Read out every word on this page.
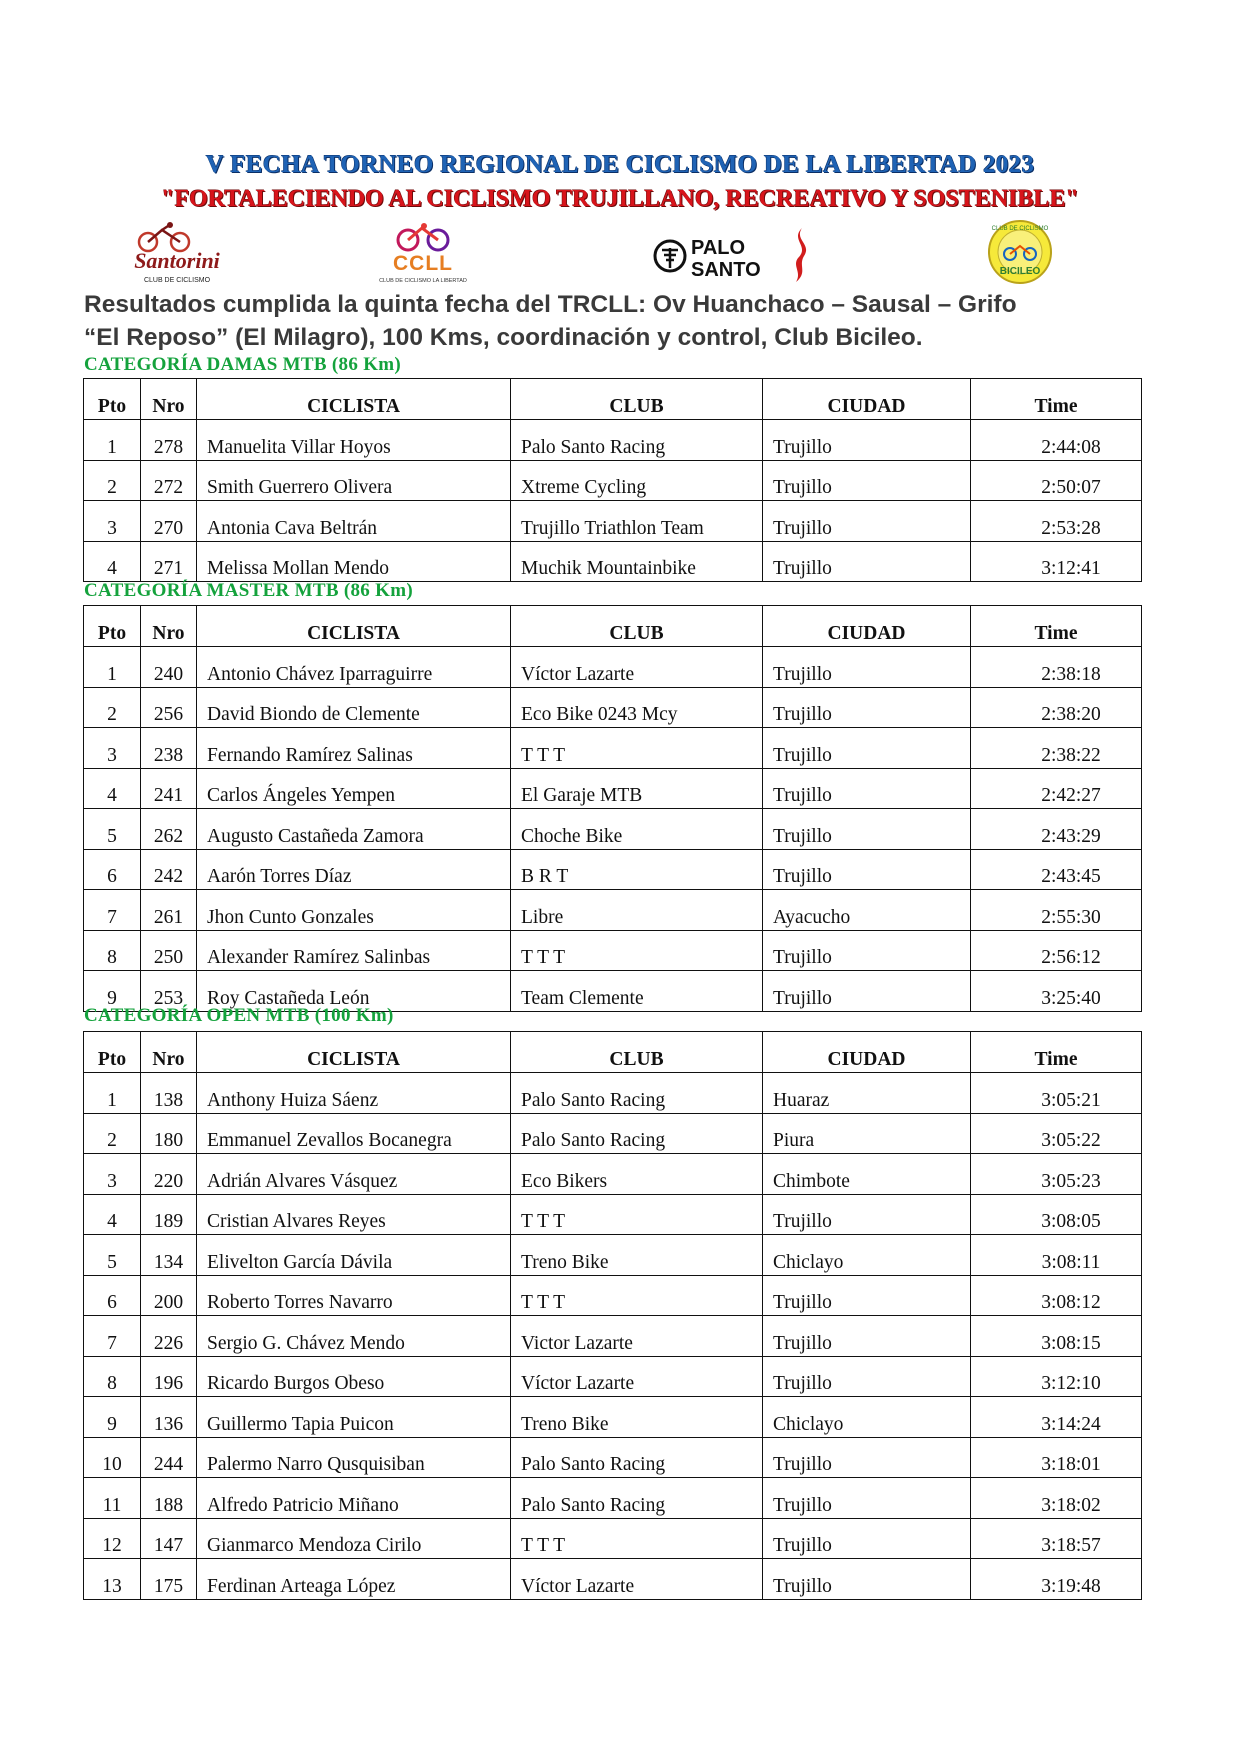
V FECHA TORNEO REGIONAL DE CICLISMO DE LA LIBERTAD 2023
"FORTALECIENDO AL CICLISMO TRUJILLANO, RECREATIVO Y SOSTENIBLE"
Santorini
CLUB DE CICLISMO
CCLL
CLUB DE CICLISMO LA LIBERTAD
PALO
SANTO
CLUB DE CICLISMO
BICILEO
Resultados cumplida la quinta fecha del TRCLL: Ov Huanchaco – Sausal – Grifo
“El Reposo” (El Milagro), 100 Kms, coordinación y control, Club Bicileo.
CATEGORÍA DAMAS MTB (86 Km)
Pto	Nro	CICLISTA	CLUB	CIUDAD	Time
1	278	Manuelita Villar Hoyos	Palo Santo Racing	Trujillo	2:44:08
2	272	Smith Guerrero Olivera	Xtreme Cycling	Trujillo	2:50:07
3	270	Antonia Cava Beltrán	Trujillo Triathlon Team	Trujillo	2:53:28
4	271	Melissa Mollan Mendo	Muchik Mountainbike	Trujillo	3:12:41
CATEGORÍA MASTER MTB (86 Km)
Pto	Nro	CICLISTA	CLUB	CIUDAD	Time
1	240	Antonio Chávez Iparraguirre	Víctor Lazarte	Trujillo	2:38:18
2	256	David Biondo de Clemente	Eco Bike 0243 Mcy	Trujillo	2:38:20
3	238	Fernando Ramírez Salinas	T T T	Trujillo	2:38:22
4	241	Carlos Ángeles Yempen	El Garaje MTB	Trujillo	2:42:27
5	262	Augusto Castañeda Zamora	Choche Bike	Trujillo	2:43:29
6	242	Aarón Torres Díaz	B R T	Trujillo	2:43:45
7	261	Jhon Cunto Gonzales	Libre	Ayacucho	2:55:30
8	250	Alexander Ramírez Salinbas	T T T	Trujillo	2:56:12
9	253	Roy Castañeda León	Team Clemente	Trujillo	3:25:40
CATEGORÍA OPEN MTB (100 Km)
Pto	Nro	CICLISTA	CLUB	CIUDAD	Time
1	138	Anthony Huiza Sáenz	Palo Santo Racing	Huaraz	3:05:21
2	180	Emmanuel Zevallos Bocanegra	Palo Santo Racing	Piura	3:05:22
3	220	Adrián Alvares Vásquez	Eco Bikers	Chimbote	3:05:23
4	189	Cristian Alvares Reyes	T T T	Trujillo	3:08:05
5	134	Elivelton García Dávila	Treno Bike	Chiclayo	3:08:11
6	200	Roberto Torres Navarro	T T T	Trujillo	3:08:12
7	226	Sergio G. Chávez Mendo	Victor Lazarte	Trujillo	3:08:15
8	196	Ricardo Burgos Obeso	Víctor Lazarte	Trujillo	3:12:10
9	136	Guillermo Tapia Puicon	Treno Bike	Chiclayo	3:14:24
10	244	Palermo Narro Qusquisiban	Palo Santo Racing	Trujillo	3:18:01
11	188	Alfredo Patricio Miñano	Palo Santo Racing	Trujillo	3:18:02
12	147	Gianmarco Mendoza Cirilo	T T T	Trujillo	3:18:57
13	175	Ferdinan Arteaga López	Víctor Lazarte	Trujillo	3:19:48
